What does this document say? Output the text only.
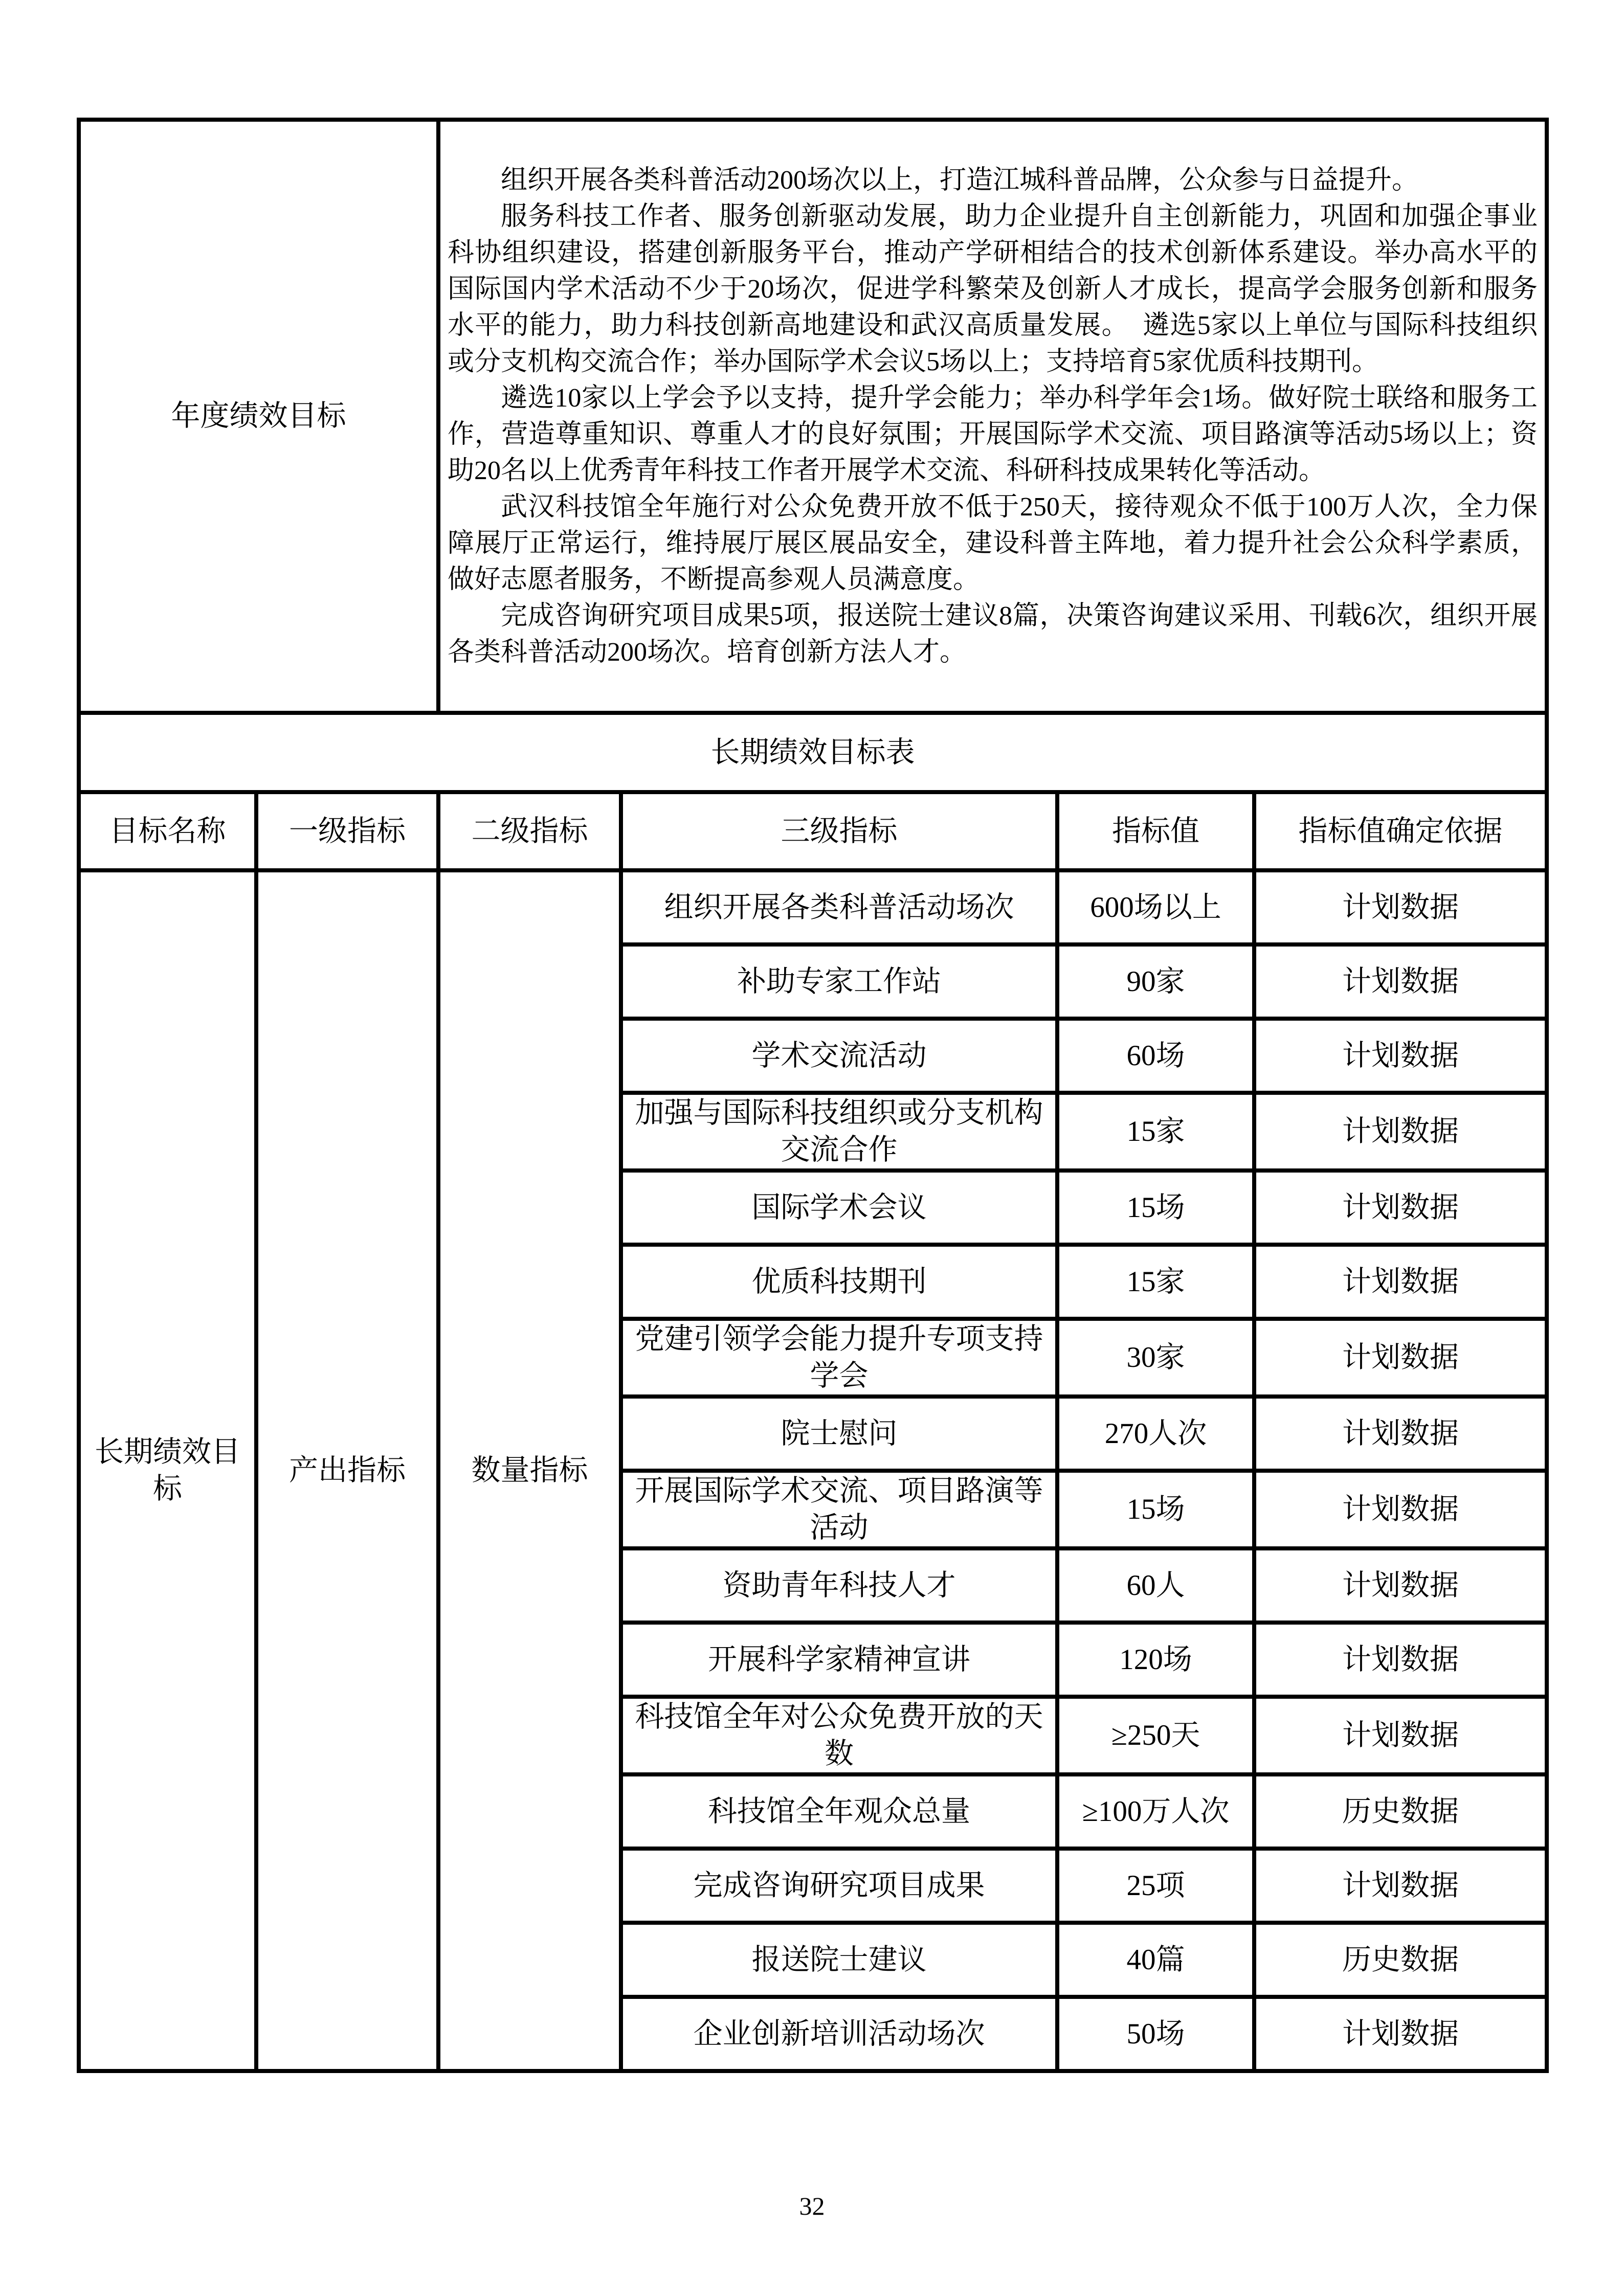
年度绩效目标		组织开展各类科普活动200场次以上，打造江城科普品牌，公众参与日益提升。

服务科技工作者、服务创新驱动发展，助力企业提升自主创新能力，巩固和加强企事业科协组织建设，搭建创新服务平台，推动产学研相结合的技术创新体系建设。举办高水平的国际国内学术活动不少于20场次，促进学科繁荣及创新人才成长，提高学会服务创新和服务水平的能力，助力科技创新高地建设和武汉高质量发展。　遴选5家以上单位与国际科技组织或分支机构交流合作；举办国际学术会议5场以上；支持培育5家优质科技期刊。

遴选10家以上学会予以支持，提升学会能力；举办科学年会1场。做好院士联络和服务工作，营造尊重知识、尊重人才的良好氛围；开展国际学术交流、项目路演等活动5场以上；资助20名以上优秀青年科技工作者开展学术交流、科研科技成果转化等活动。

武汉科技馆全年施行对公众免费开放不低于250天，接待观众不低于100万人次，全力保障展厅正常运行，维持展厅展区展品安全，建设科普主阵地，着力提升社会公众科学素质，做好志愿者服务，不断提高参观人员满意度。

完成咨询研究项目成果5项，报送院士建议8篇，决策咨询建议采用、刊载6次，组织开展各类科普活动200场次。培育创新方法人才。			

长期绩效目标表					
目标名称	一级指标	二级指标	三级指标	指标值	指标值确定依据
长期绩效目标	产出指标	数量指标	组织开展各类科普活动场次	600场以上	计划数据
			补助专家工作站	90家	计划数据
			学术交流活动	60场	计划数据
			加强与国际科技组织或分支机构交流合作	15家	计划数据
			国际学术会议	15场	计划数据
			优质科技期刊	15家	计划数据
			党建引领学会能力提升专项支持学会	30家	计划数据
			院士慰问	270人次	计划数据
			开展国际学术交流、项目路演等活动	15场	计划数据
			资助青年科技人才	60人	计划数据
			开展科学家精神宣讲	120场	计划数据
			科技馆全年对公众免费开放的天数	≥250天	计划数据
			科技馆全年观众总量	≥100万人次	历史数据
			完成咨询研究项目成果	25项	计划数据
			报送院士建议	40篇	历史数据
			企业创新培训活动场次	50场	计划数据
32
